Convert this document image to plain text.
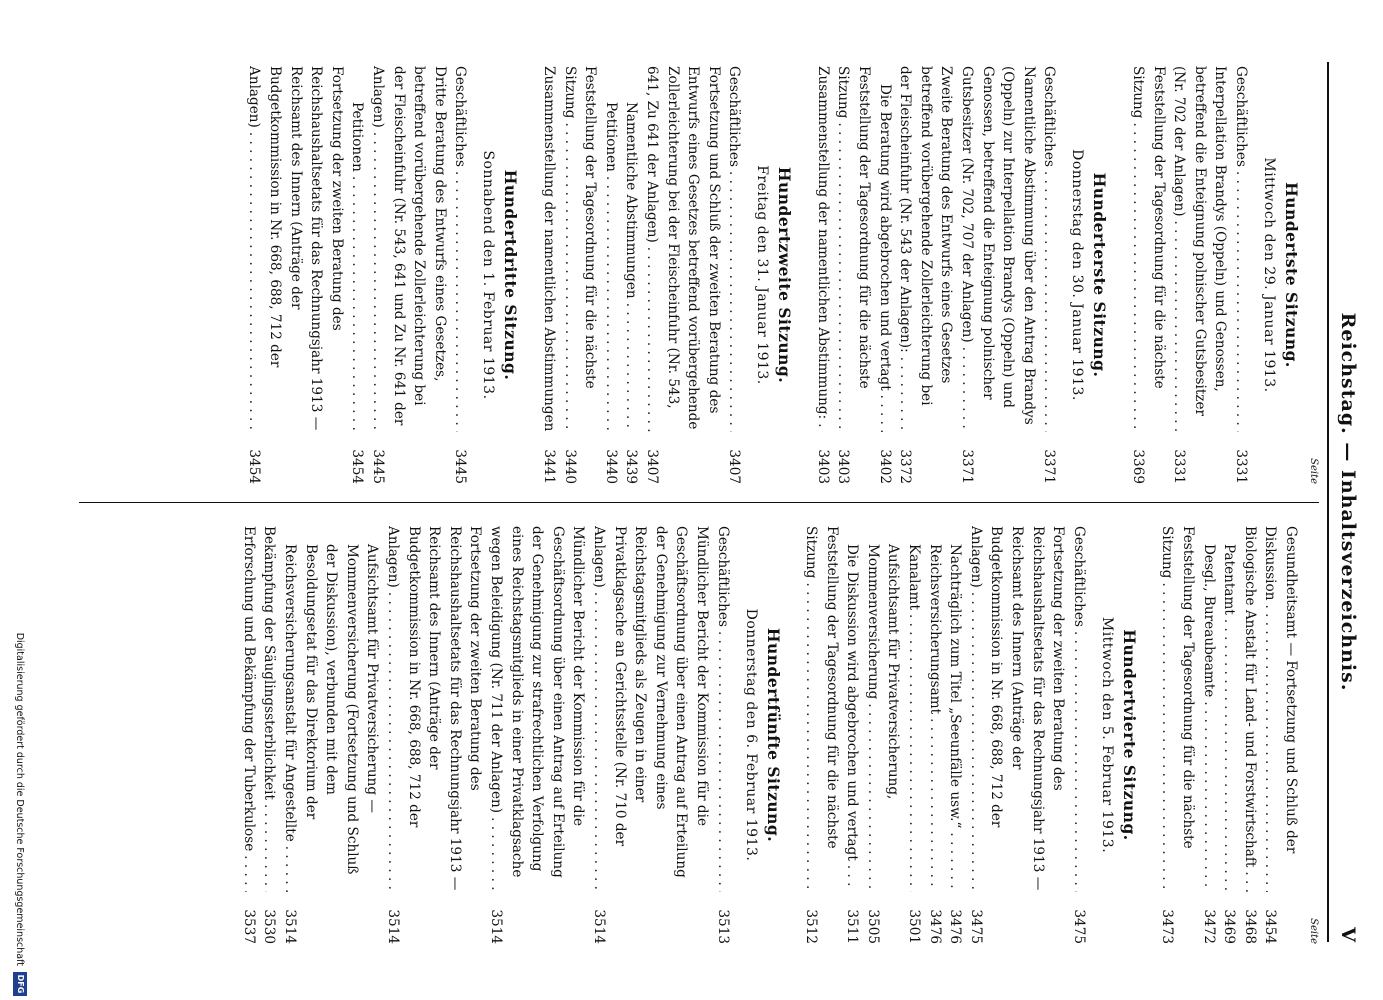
Reichstag. — Inhaltsverzeichnis.
V
Seite
Hundertste Sitzung.
Mittwoch den 29. Januar 1913.
Geschäftliches . . .
3331
Interpellation Brandys (Oppeln) und Genossen, betreffend die Enteignung polnischer Gutsbesitzer (Nr. 702 der Anlagen) . . .
3331
Feststellung der Tagesordnung für die nächste Sitzung . . .
3369
Hunderterste Sitzung.
Donnerstag den 30. Januar 1913.
Geschäftliches . . .
3371
Namentliche Abstimmung über den Antrag Brandys (Oppeln) zur Interpellation Brandys (Oppeln) und Genossen, betreffend die Enteignung polnischer Gutsbesitzer (Nr. 702, 707 der Anlagen) . . .
3371
Zweite Beratung des Entwurfs eines Gesetzes betreffend vorübergehende Zollerleichterung bei der Fleischeinfuhr (Nr. 543 der Anlagen): . . .
3372
Die Beratung wird abgebrochen und vertagt . . .
3402
Feststellung der Tagesordnung für die nächste Sitzung . . .
3403
Zusammenstellung der namentlichen Abstimmung: . . .
3403
Hundertzweite Sitzung.
Freitag den 31. Januar 1913.
Geschäftliches . . .
3407
Fortsetzung und Schluß der zweiten Beratung des Entwurfs eines Gesetzes betreffend vorübergehende Zollerleichterung bei der Fleischeinfuhr (Nr. 543, 641, Zu 641 der Anlagen) . . .
3407
Namentliche Abstimmungen . . .
3439
Petitionen . . .
3440
Feststellung der Tagesordnung für die nächste Sitzung . . .
3440
Zusammenstellung der namentlichen Abstimmungen . . .
3441
Hundertdritte Sitzung.
Sonnabend den 1. Februar 1913.
Geschäftliches . . .
3445
Dritte Beratung des Entwurfs eines Gesetzes, betreffend vorübergehende Zollerleichterung bei der Fleischeinfuhr (Nr. 543, 641 und Zu Nr. 641 der Anlagen) . . .
3445
Petitionen . . .
3454
Fortsetzung der zweiten Beratung des Reichshaushaltsetats für das Rechnungsjahr 1913 — Reichsamt des Innern (Anträge der Budgetkommission in Nr. 668, 688, 712 der Anlagen) . . .
3454
Seite
Gesundheitsamt — Fortsetzung und Schluß der Diskussion . . .
3454
Biologische Anstalt für Land- und Forstwirtschaft . . .
3468
Patentamt . . .
3469
Desgl., Bureaubeamte . . .
3472
Feststellung der Tagesordnung für die nächste Sitzung . . .
3473
Hundertvierte Sitzung.
Mittwoch den 5. Februar 1913.
Geschäftliches . . .
3475
Fortsetzung der zweiten Beratung des Reichshaushaltsetats für das Rechnungsjahr 1913 — Reichsamt des Innern (Anträge der Budgetkommission in Nr. 668, 688, 712 der Anlagen) . . .
3475
Nachträglich zum Titel „Seeunfälle usw.“ . . .
3476
Reichsversicherungsamt . . .
3476
Kanalamt . . .
3501
Aufsichtsamt für Privatversicherung, Mommenversicherung . . .
3505
Die Diskussion wird abgebrochen und vertagt . . .
3511
Feststellung der Tagesordnung für die nächste Sitzung . . .
3512
Hundertfünfte Sitzung.
Donnerstag den 6. Februar 1913.
Geschäftliches . . .
3513
Mündlicher Bericht der Kommission für die Geschäftsordnung über einen Antrag auf Erteilung der Genehmigung zur Vernehmung eines Reichstagsmitglieds als Zeugen in einer Privatklagsache an Gerichtsstelle (Nr. 710 der Anlagen) . . .
3514
Mündlicher Bericht der Kommission für die Geschäftsordnung über einen Antrag auf Erteilung der Genehmigung zur strafrechtlichen Verfolgung eines Reichstagsmitglieds in einer Privatklagsache wegen Beleidigung (Nr. 711 der Anlagen) . . .
3514
Fortsetzung der zweiten Beratung des Reichshaushaltsetats für das Rechnungsjahr 1913 — Reichsamt des Innern (Anträge der Budgetkommission in Nr. 668, 688, 712 der Anlagen) . . .
3514
Aufsichtsamt für Privatversicherung — Mommenversicherung (Fortsetzung und Schluß der Diskussion), verbunden mit dem Besoldungsetat für das Direktorium der Reichsversicherungsanstalt für Angestellte . . .
3514
Bekämpfung der Säuglingssterblichkeit . . .
3530
Erforschung und Bekämpfung der Tuberkulose . . .
3537
Digitalisierung gefördert durch die Deutsche Forschungsgemeinschaft
DFG
